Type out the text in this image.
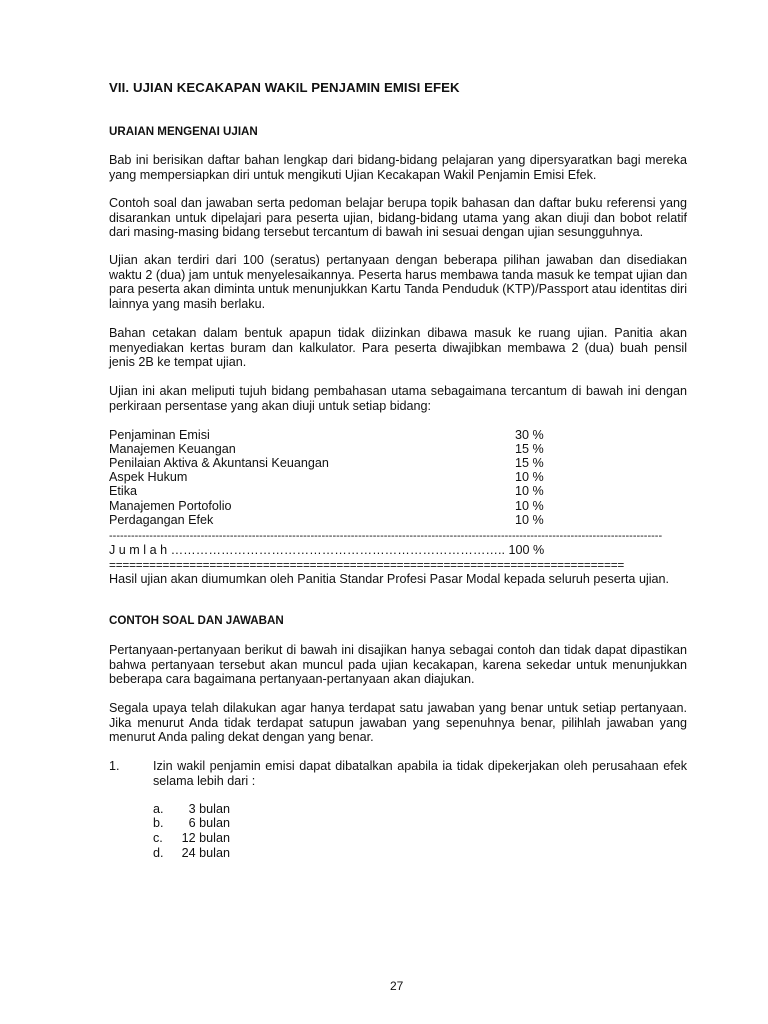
VII. UJIAN KECAKAPAN WAKIL PENJAMIN EMISI EFEK
URAIAN MENGENAI UJIAN
Bab ini berisikan daftar bahan lengkap dari bidang-bidang pelajaran yang dipersyaratkan bagi mereka
yang mempersiapkan diri untuk mengikuti Ujian Kecakapan Wakil Penjamin Emisi Efek.
Contoh soal dan jawaban serta pedoman belajar berupa topik bahasan dan daftar buku referensi yang
disarankan untuk dipelajari para peserta ujian, bidang-bidang utama yang akan diuji dan bobot relatif
dari masing-masing bidang tersebut tercantum di bawah ini sesuai dengan ujian sesungguhnya.
Ujian akan terdiri dari 100 (seratus) pertanyaan dengan beberapa pilihan jawaban dan disediakan
waktu 2 (dua) jam untuk menyelesaikannya. Peserta harus membawa tanda masuk ke tempat ujian dan
para peserta akan diminta untuk menunjukkan Kartu Tanda Penduduk (KTP)/Passport atau identitas diri
lainnya yang masih berlaku.
Bahan cetakan dalam bentuk apapun tidak diizinkan dibawa masuk ke ruang ujian. Panitia akan
menyediakan kertas buram dan kalkulator. Para peserta diwajibkan membawa 2 (dua) buah pensil
jenis 2B ke tempat ujian.
Ujian ini akan meliputi tujuh bidang pembahasan utama sebagaimana tercantum di bawah ini dengan
perkiraan persentase yang akan diuji untuk setiap bidang:
Penjaminan Emisi	30 %
Manajemen Keuangan	15 %
Penilaian Aktiva & Akuntansi Keuangan	15 %
Aspek Hukum	10 %
Etika	10 %
Manajemen Portofolio	10 %
Perdagangan Efek	10 %
-------------------------------------------------------------------------------------------------------------------------------------------------------
J u m l a h …………………………………………………………………….. 100 %
=============================================================================
Hasil ujian akan diumumkan oleh Panitia Standar Profesi Pasar Modal kepada seluruh peserta ujian.
CONTOH SOAL DAN JAWABAN
Pertanyaan-pertanyaan berikut di bawah ini disajikan hanya sebagai contoh dan tidak dapat dipastikan
bahwa pertanyaan tersebut akan muncul pada ujian kecakapan, karena sekedar untuk menunjukkan
beberapa cara bagaimana pertanyaan-pertanyaan akan diajukan.
Segala upaya telah dilakukan agar hanya terdapat satu jawaban yang benar untuk setiap pertanyaan.
Jika menurut Anda tidak terdapat satupun jawaban yang sepenuhnya benar, pilihlah jawaban yang
menurut Anda paling dekat dengan yang benar.
1.	Izin wakil penjamin emisi dapat dibatalkan apabila ia tidak dipekerjakan oleh perusahaan efek
selama lebih dari :
a.	3 bulan
b.	6 bulan
c.	12 bulan
d.	24 bulan
27
